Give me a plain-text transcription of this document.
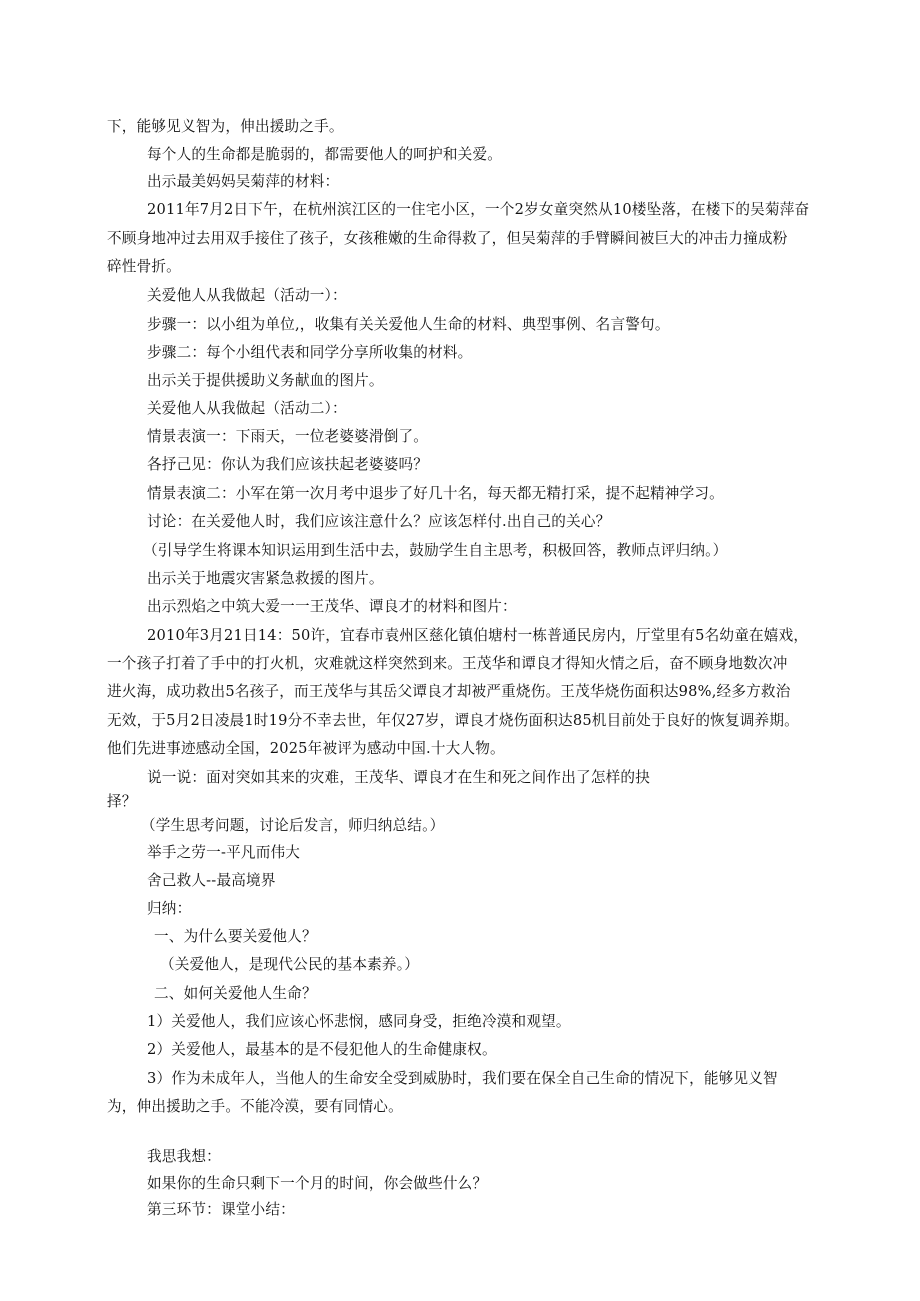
下，能够见义智为，伸出援助之手。
每个人的生命都是脆弱的，都需要他人的呵护和关爱。
出示最美妈妈吴菊萍的材料：
2011年7月2日下午，在杭州滨江区的一住宅小区，一个2岁女童突然从10楼坠落，在楼下的吴菊萍奋
不顾身地冲过去用双手接住了孩子，女孩稚嫩的生命得救了，但吴菊萍的手臂瞬间被巨大的冲击力撞成粉
碎性骨折。
关爱他人从我做起（活动一）：
步骤一：以小组为单位,，收集有关关爱他人生命的材料、典型事例、名言警句。
步骤二：每个小组代表和同学分享所收集的材料。
出示关于提供援助义务献血的图片。
关爱他人从我做起（活动二）：
情景表演一：下雨天，一位老婆婆滑倒了。
各抒己见：你认为我们应该扶起老婆婆吗？
情景表演二：小军在第一次月考中退步了好几十名，每天都无精打采，提不起精神学习。
讨论：在关爱他人时，我们应该注意什么？应该怎样付.出自己的关心？
（引导学生将课本知识运用到生活中去，鼓励学生自主思考，积极回答，教师点评归纳。）
出示关于地震灾害紧急救援的图片。
出示烈焰之中筑大爱一一王茂华、谭良才的材料和图片：
2010年3月21日14：50许，宜春市袁州区慈化镇伯塘村一栋普通民房内，厅堂里有5名幼童在嬉戏，
一个孩子打着了手中的打火机，灾难就这样突然到来。王茂华和谭良才得知火情之后，奋不顾身地数次冲
进火海，成功救出5名孩子，而王茂华与其岳父谭良才却被严重烧伤。王茂华烧伤面积达98%,经多方救治
无效，于5月2日凌晨1时19分不幸去世，年仅27岁，谭良才烧伤面积达85机目前处于良好的恢复调养期。
他们先进事迹感动全国，2025年被评为感动中国.十大人物。
说一说：面对突如其来的灾难，王茂华、谭良才在生和死之间作出了怎样的抉
择？
（学生思考问题，讨论后发言，师归纳总结。）
举手之劳一-平凡而伟大
舍己救人--最高境界
归纳：
一、为什么要关爱他人？
（关爱他人，是现代公民的基本素养。）
二、如何关爱他人生命？
1）关爱他人，我们应该心怀悲悯，感同身受，拒绝冷漠和观望。
2）关爱他人，最基本的是不侵犯他人的生命健康权。
3）作为未成年人，当他人的生命安全受到威胁时，我们要在保全自己生命的情况下，能够见义智
为，伸出援助之手。不能冷漠，要有同情心。
我思我想：
如果你的生命只剩下一个月的时间，你会做些什么？
第三环节：课堂小结：
